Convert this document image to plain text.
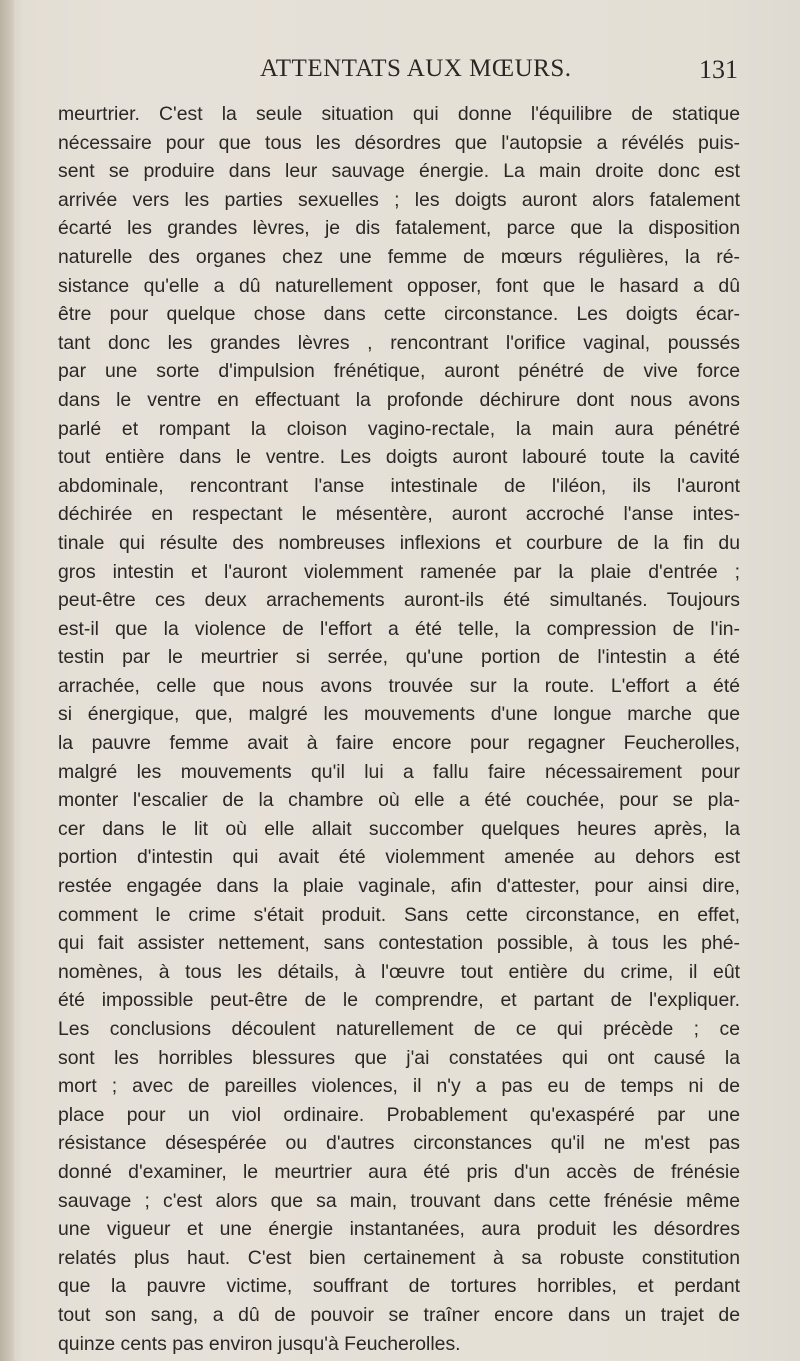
ATTENTATS AUX MŒURS.	131
meurtrier. C'est la seule situation qui donne l'équilibre de statique
nécessaire pour que tous les désordres que l'autopsie a révélés puis-
sent se produire dans leur sauvage énergie. La main droite donc est
arrivée vers les parties sexuelles ; les doigts auront alors fatalement
écarté les grandes lèvres, je dis fatalement, parce que la disposition
naturelle des organes chez une femme de mœurs régulières, la ré-
sistance qu'elle a dû naturellement opposer, font que le hasard a dû
être pour quelque chose dans cette circonstance. Les doigts écar-
tant donc les grandes lèvres , rencontrant l'orifice vaginal, poussés
par une sorte d'impulsion frénétique, auront pénétré de vive force
dans le ventre en effectuant la profonde déchirure dont nous avons
parlé et rompant la cloison vagino-rectale, la main aura pénétré
tout entière dans le ventre. Les doigts auront labouré toute la cavité
abdominale, rencontrant l'anse intestinale de l'iléon, ils l'auront
déchirée en respectant le mésentère, auront accroché l'anse intes-
tinale qui résulte des nombreuses inflexions et courbure de la fin du
gros intestin et l'auront violemment ramenée par la plaie d'entrée ;
peut-être ces deux arrachements auront-ils été simultanés. Toujours
est-il que la violence de l'effort a été telle, la compression de l'in-
testin par le meurtrier si serrée, qu'une portion de l'intestin a été
arrachée, celle que nous avons trouvée sur la route. L'effort a été
si énergique, que, malgré les mouvements d'une longue marche que
la pauvre femme avait à faire encore pour regagner Feucherolles,
malgré les mouvements qu'il lui a fallu faire nécessairement pour
monter l'escalier de la chambre où elle a été couchée, pour se pla-
cer dans le lit où elle allait succomber quelques heures après, la
portion d'intestin qui avait été violemment amenée au dehors est
restée engagée dans la plaie vaginale, afin d'attester, pour ainsi dire,
comment le crime s'était produit. Sans cette circonstance, en effet,
qui fait assister nettement, sans contestation possible, à tous les phé-
nomènes, à tous les détails, à l'œuvre tout entière du crime, il eût
été impossible peut-être de le comprendre, et partant de l'expliquer.
Les conclusions découlent naturellement de ce qui précède ; ce
sont les horribles blessures que j'ai constatées qui ont causé la
mort ; avec de pareilles violences, il n'y a pas eu de temps ni de
place pour un viol ordinaire. Probablement qu'exaspéré par une
résistance désespérée ou d'autres circonstances qu'il ne m'est pas
donné d'examiner, le meurtrier aura été pris d'un accès de frénésie
sauvage ; c'est alors que sa main, trouvant dans cette frénésie même
une vigueur et une énergie instantanées, aura produit les désordres
relatés plus haut. C'est bien certainement à sa robuste constitution
que la pauvre victime, souffrant de tortures horribles, et perdant
tout son sang, a dû de pouvoir se traîner encore dans un trajet de
quinze cents pas environ jusqu'à Feucherolles.
